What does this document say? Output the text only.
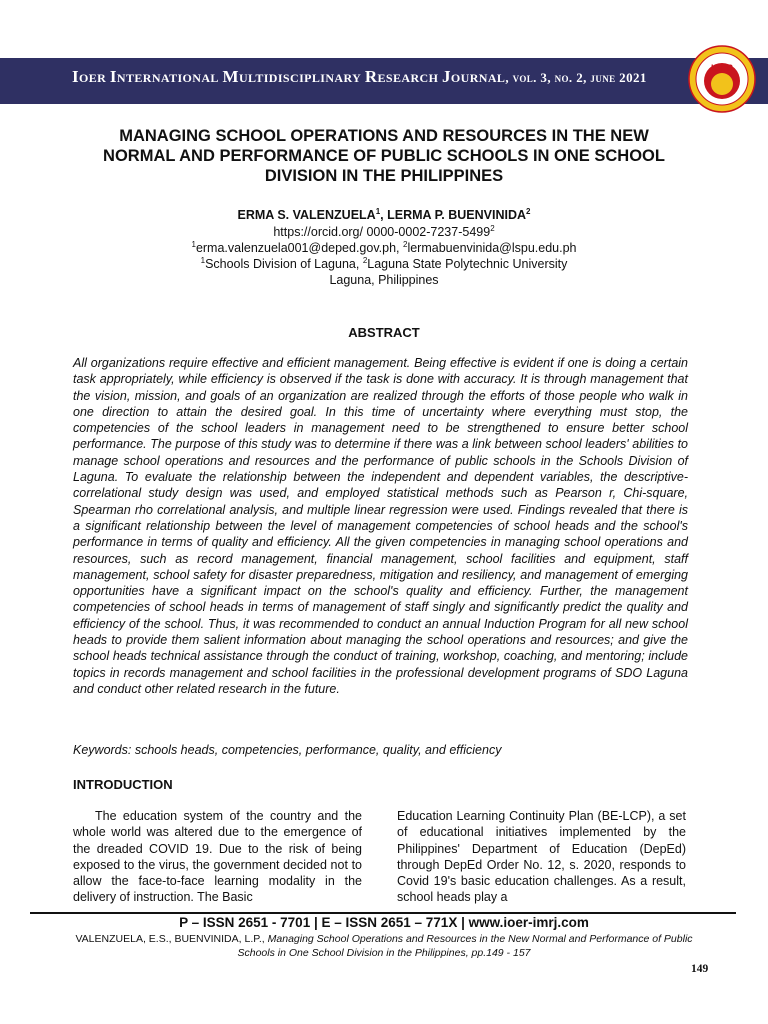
Ioer International Multidisciplinary Research Journal, vol. 3, no. 2, june 2021
IOER
MANAGING SCHOOL OPERATIONS AND RESOURCES IN THE NEW
NORMAL AND PERFORMANCE OF PUBLIC SCHOOLS IN ONE SCHOOL
DIVISION IN THE PHILIPPINES
ERMA S. VALENZUELA$^1$, LERMA P. BUENVINIDA$^2$
https://orcid.org/ 0000-0002-7237-5499$^2$
$^1$erma.valenzuela001@deped.gov.ph, $^2$lermabuenvinida@lspu.edu.ph
$^1$Schools Division of Laguna, $^2$Laguna State Polytechnic University
Laguna, Philippines
ABSTRACT
All organizations require effective and efficient management. Being effective is evident if one is doing a certain task appropriately, while efficiency is observed if the task is done with accuracy. It is through management that the vision, mission, and goals of an organization are realized through the efforts of those people who walk in one direction to attain the desired goal. In this time of uncertainty where everything must stop, the competencies of the school leaders in management need to be strengthened to ensure better school performance. The purpose of this study was to determine if there was a link between school leaders' abilities to manage school operations and resources and the performance of public schools in the Schools Division of Laguna. To evaluate the relationship between the independent and dependent variables, the descriptive-correlational study design was used, and employed statistical methods such as Pearson r, Chi-square, Spearman rho correlational analysis, and multiple linear regression were used. Findings revealed that there is a significant relationship between the level of management competencies of school heads and the school's performance in terms of quality and efficiency. All the given competencies in managing school operations and resources, such as record management, financial management, school facilities and equipment, staff management, school safety for disaster preparedness, mitigation and resiliency, and management of emerging opportunities have a significant impact on the school's quality and efficiency. Further, the management competencies of school heads in terms of management of staff singly and significantly predict the quality and efficiency of the school. Thus, it was recommended to conduct an annual Induction Program for all new school heads to provide them salient information about managing the school operations and resources; and give the school heads technical assistance through the conduct of training, workshop, coaching, and mentoring; include topics in records management and school facilities in the professional development programs of SDO Laguna and conduct other related research in the future.
Keywords: schools heads, competencies, performance, quality, and efficiency
INTRODUCTION
The education system of the country and the whole world was altered due to the emergence of the dreaded COVID 19. Due to the risk of being exposed to the virus, the government decided not to allow the face-to-face learning modality in the delivery of instruction. The Basic
Education Learning Continuity Plan (BE-LCP), a set of educational initiatives implemented by the Philippines' Department of Education (DepEd) through DepEd Order No. 12, s. 2020, responds to Covid 19's basic education challenges. As a result, school heads play a
P – ISSN 2651 - 7701 | E – ISSN 2651 – 771X | www.ioer-imrj.com
VALENZUELA, E.S., BUENVINIDA, L.P., Managing School Operations and Resources in the New Normal and Performance of Public Schools in One School Division in the Philippines, pp.149 - 157
149
